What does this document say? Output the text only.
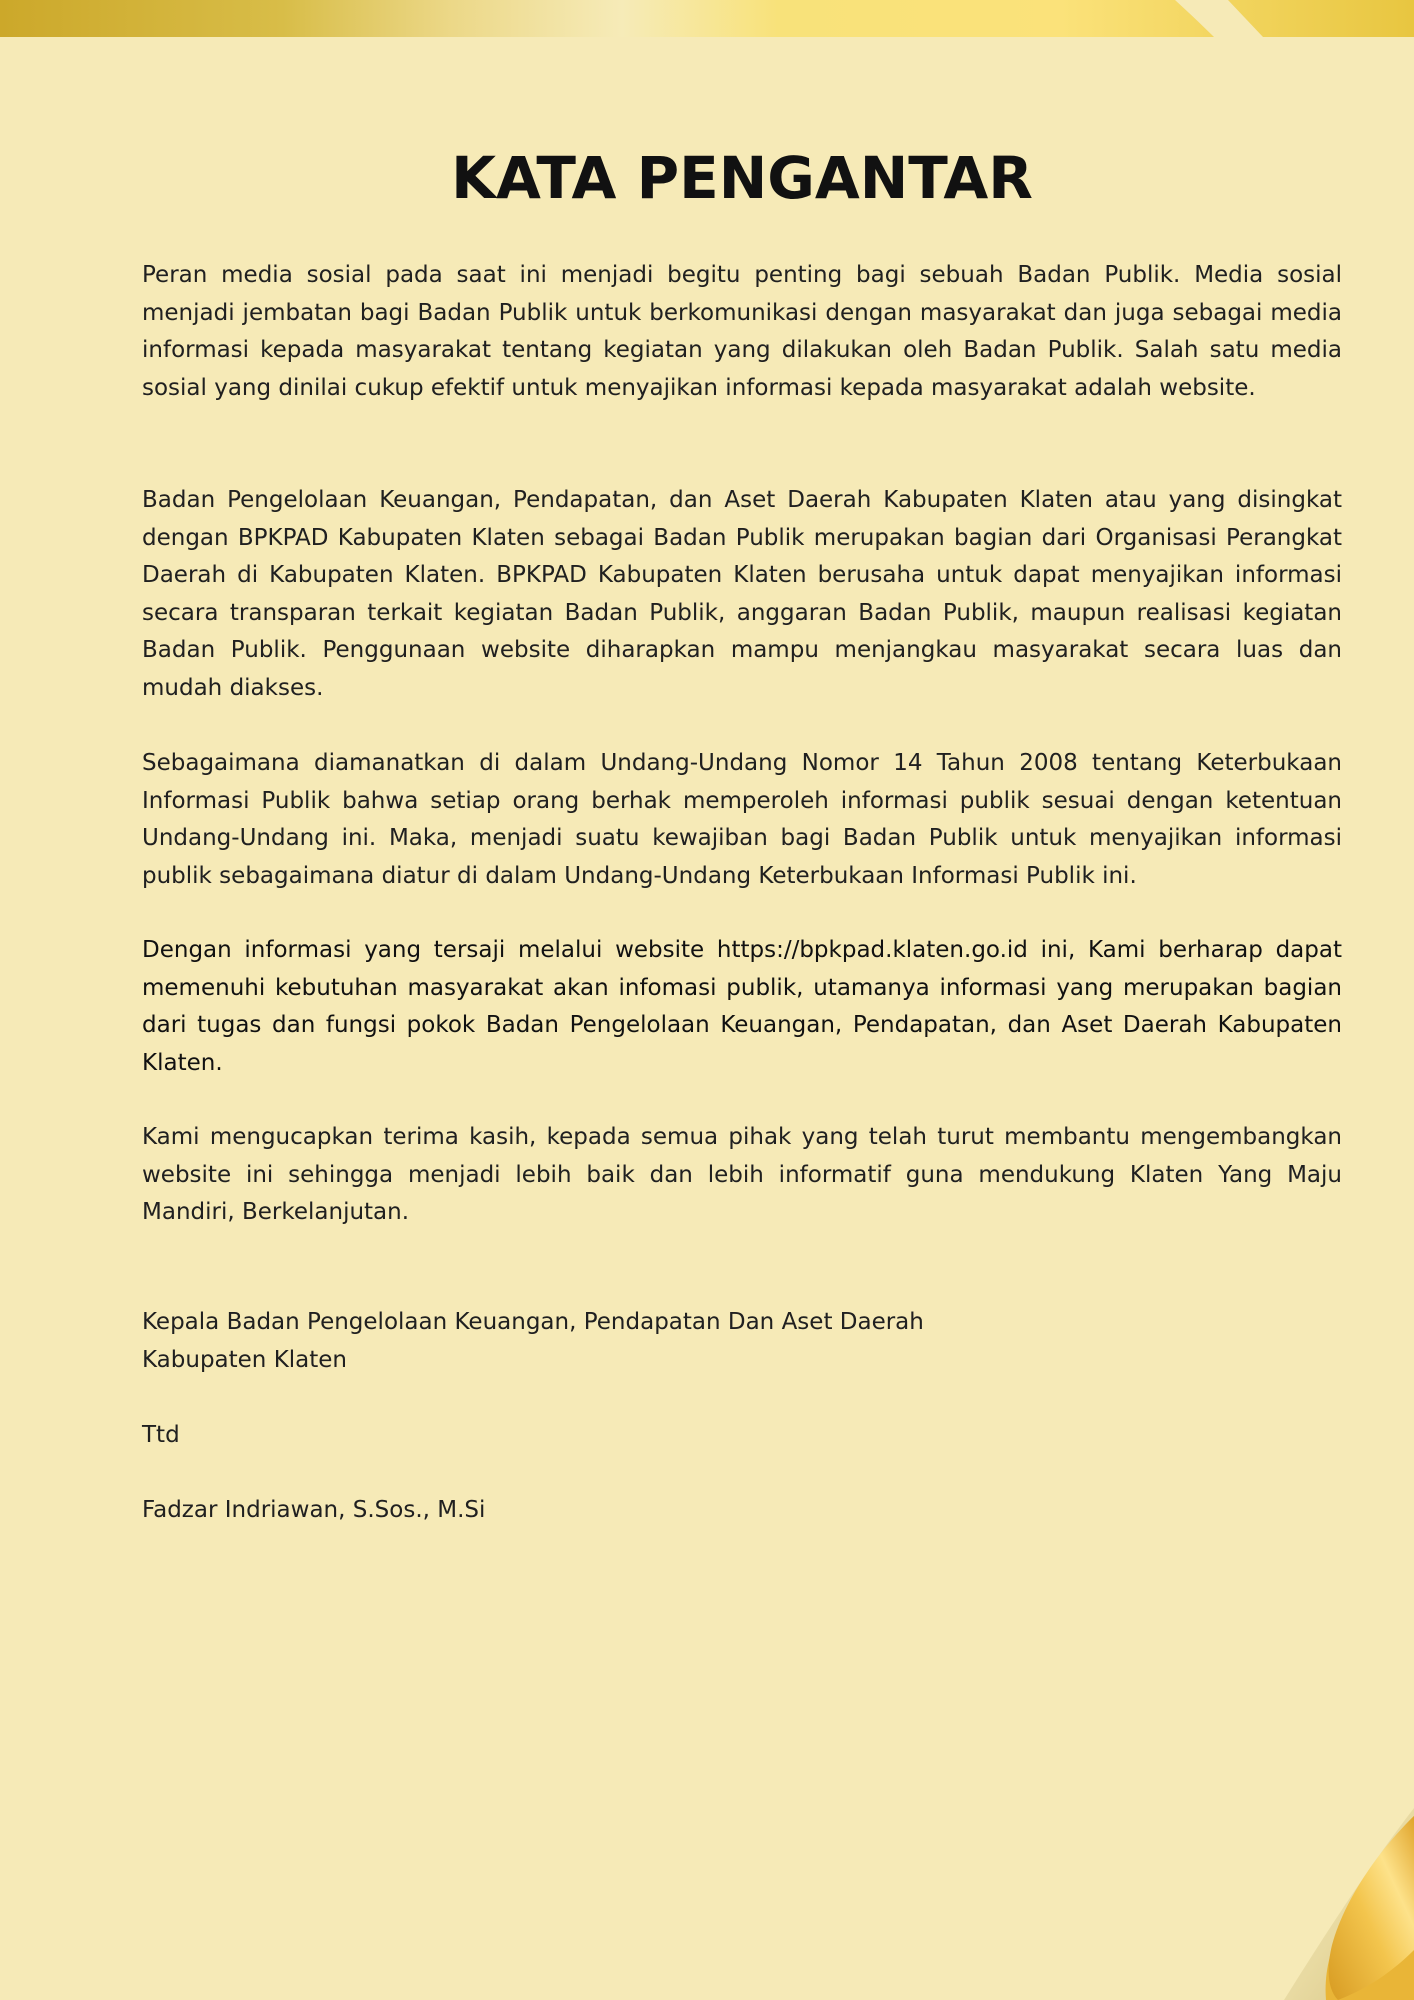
KATA PENGANTAR

Peran media sosial pada saat ini menjadi begitu penting bagi sebuah Badan Publik. Media sosial menjadi jembatan bagi Badan Publik untuk berkomunikasi dengan masyarakat dan juga sebagai media informasi kepada masyarakat tentang kegiatan yang dilakukan oleh Badan Publik. Salah satu media sosial yang dinilai cukup efektif untuk menyajikan informasi kepada masyarakat adalah website.

Badan Pengelolaan Keuangan, Pendapatan, dan Aset Daerah Kabupaten Klaten atau yang disingkat dengan BPKPAD Kabupaten Klaten sebagai Badan Publik merupakan bagian dari Organisasi Perangkat Daerah di Kabupaten Klaten. BPKPAD Kabupaten Klaten berusaha untuk dapat menyajikan informasi secara transparan terkait kegiatan Badan Publik, anggaran Badan Publik, maupun realisasi kegiatan Badan Publik. Penggunaan website diharapkan mampu menjangkau masyarakat secara luas dan mudah diakses.

Sebagaimana diamanatkan di dalam Undang-Undang Nomor 14 Tahun 2008 tentang Keterbukaan Informasi Publik bahwa setiap orang berhak memperoleh informasi publik sesuai dengan ketentuan Undang-Undang ini. Maka, menjadi suatu kewajiban bagi Badan Publik untuk menyajikan informasi publik sebagaimana diatur di dalam Undang-Undang Keterbukaan Informasi Publik ini.

Dengan informasi yang tersaji melalui website https://bpkpad.klaten.go.id ini, Kami berharap dapat memenuhi kebutuhan masyarakat akan infomasi publik, utamanya informasi yang merupakan bagian dari tugas dan fungsi pokok Badan Pengelolaan Keuangan, Pendapatan, dan Aset Daerah Kabupaten Klaten.

Kami mengucapkan terima kasih, kepada semua pihak yang telah turut membantu mengembangkan website ini sehingga menjadi lebih baik dan lebih informatif guna mendukung Klaten Yang Maju Mandiri, Berkelanjutan.

Kepala Badan Pengelolaan Keuangan, Pendapatan Dan Aset Daerah

Kabupaten Klaten

Ttd

Fadzar Indriawan, S.Sos., M.Si
